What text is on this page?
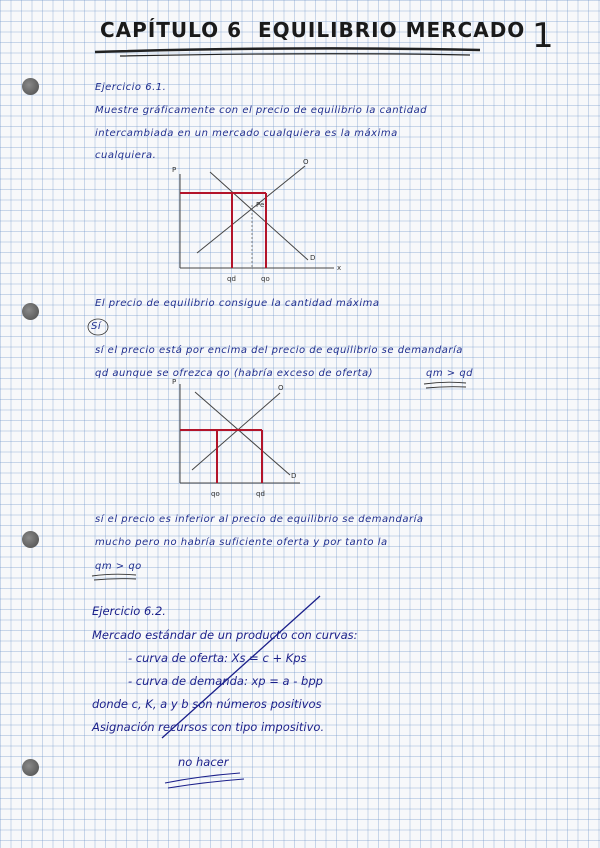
CAPÍTULO 6 EQUILIBRIO MERCADO 1
Ejercicio 6.1.
Muestre gráficamente con el precio de equilibrio la cantidad
intercambiada en un mercado cualquiera es la máxima
cualquiera.
P
x
O
D
Pe
qd	qo
El precio de equilibrio consigue la cantidad máxima
Sí
sí el precio está por encima del precio de equilibrio se demandaría
qd aunque se ofrezca qo (habría exceso de oferta)	qm > qd
P
O
D
qo	qd
sí el precio es inferior al precio de equilibrio se demandaría
mucho pero no habría suficiente oferta y por tanto la
qm > qo
Ejercicio 6.2.
Mercado estándar de un producto con curvas:
- curva de oferta: Xs = c + Kps
- curva de demanda: xp = a - bpp
donde c, K, a y b son números positivos
Asignación recursos con tipo impositivo.
no hacer
